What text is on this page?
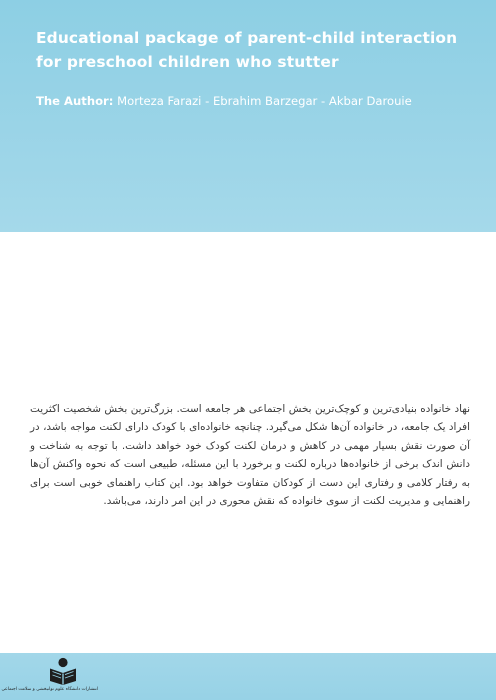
Educational package of parent-child interaction
for preschool children who stutter

The Author: Morteza Farazi - Ebrahim Barzegar - Akbar Darouie

نهاد خانواده بنیادی‌ترین و کوچک‌ترین بخش اجتماعی هر جامعه است. بزرگ‌ترین بخش شخصیت اکثریت افراد یک جامعه، در خانواده آن‌ها شکل می‌گیرد. چنانچه خانواده‌ای با کودک دارای لکنت مواجه باشد، در آن صورت نقش بسیار مهمی در کاهش و درمان لکنت کودک خود خواهد داشت. با توجه به شناخت و دانش اندک برخی از خانواده‌ها درباره لکنت و برخورد با این مسئله، طبیعی است که نحوه واکنش آن‌ها به رفتار کلامی و رفتاری این دست از کودکان متفاوت خواهد بود. این کتاب راهنمای خوبی است برای راهنمایی و مدیریت لکنت از سوی خانواده که نقش محوری در این امر دارند، می‌باشد.

انتشارات دانشگاه علوم توانبخشی و سلامت اجتماعی
